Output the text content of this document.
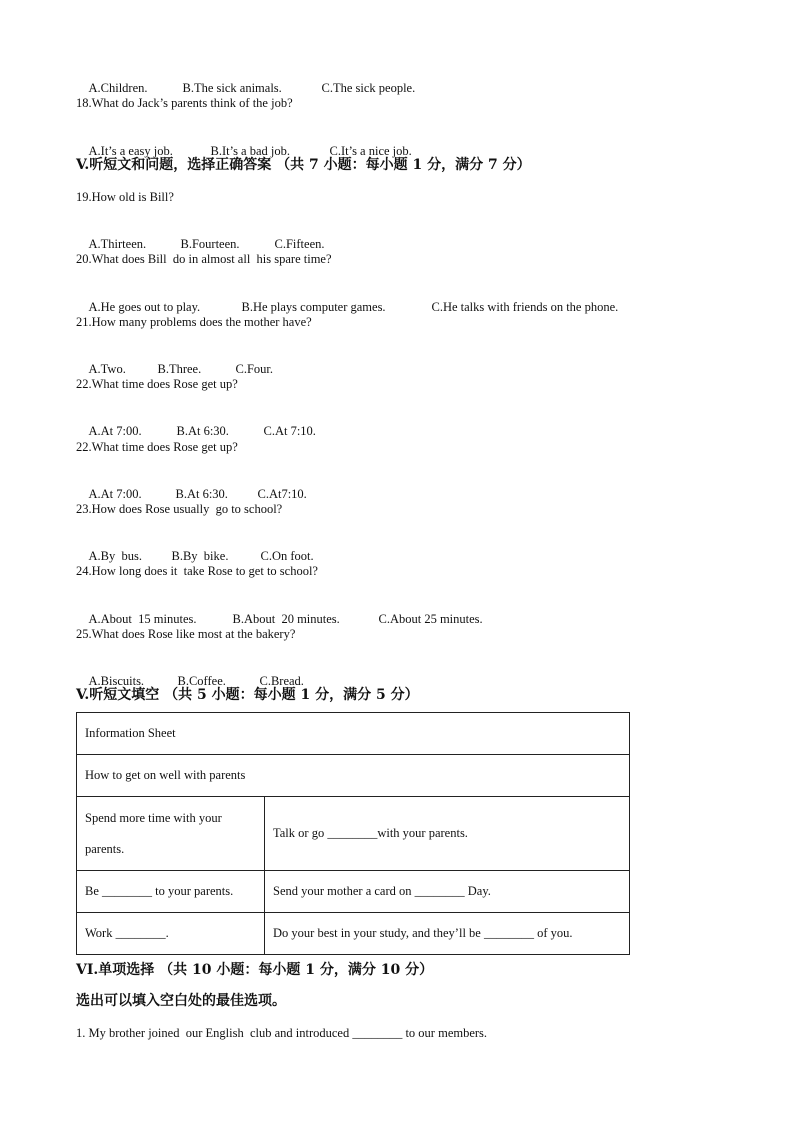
A.Children.	B.The sick animals.	C.The sick people.

18.What do Jack’s parents think of the job?

A.It’s a easy job.	B.It’s a bad job.	C.It’s a nice job.

V.听短文和问题，选择正确答案 （共 7 小题：每小题 1 分，满分 7 分）
19.How old is Bill?

A.Thirteen.	B.Fourteen.	C.Fifteen.

20.What does Bill  do in almost all  his spare time?

A.He goes out to play.	B.He plays computer games.	C.He talks with friends on the phone.

21.How many problems does the mother have?

A.Two.	B.Three.	C.Four.

22.What time does Rose get up?

A.At 7:00.	B.At 6:30.	C.At 7:10.

22.What time does Rose get up?

A.At 7:00.	B.At 6:30. C.At7:10.

23.How does Rose usually  go to school?

A.By  bus. B.By  bike.	C.On foot.

24.How long does it  take Rose to get to school?

A.About  15 minutes.	B.About  20 minutes.	C.About 25 minutes.

25.What does Rose like most at the bakery?

A.Biscuits.	B.Coffee.	C.Bread.

V.听短文填空 （共 5 小题：每小题 1 分，满分 5 分）
Information Sheet	
How to get on well with parents	

Spend more time with your
parents.	Talk or go ________with your parents.
Be ________ to your parents.	Send your mother a card on ________ Day.
Work ________.	Do your best in your study, and they’ll be ________ of you.
VI.单项选择 （共 10 小题：每小题 1 分，满分 10 分）
选出可以填入空白处的最佳选项。
1. My brother joined  our English  club and introduced ________ to our members.
